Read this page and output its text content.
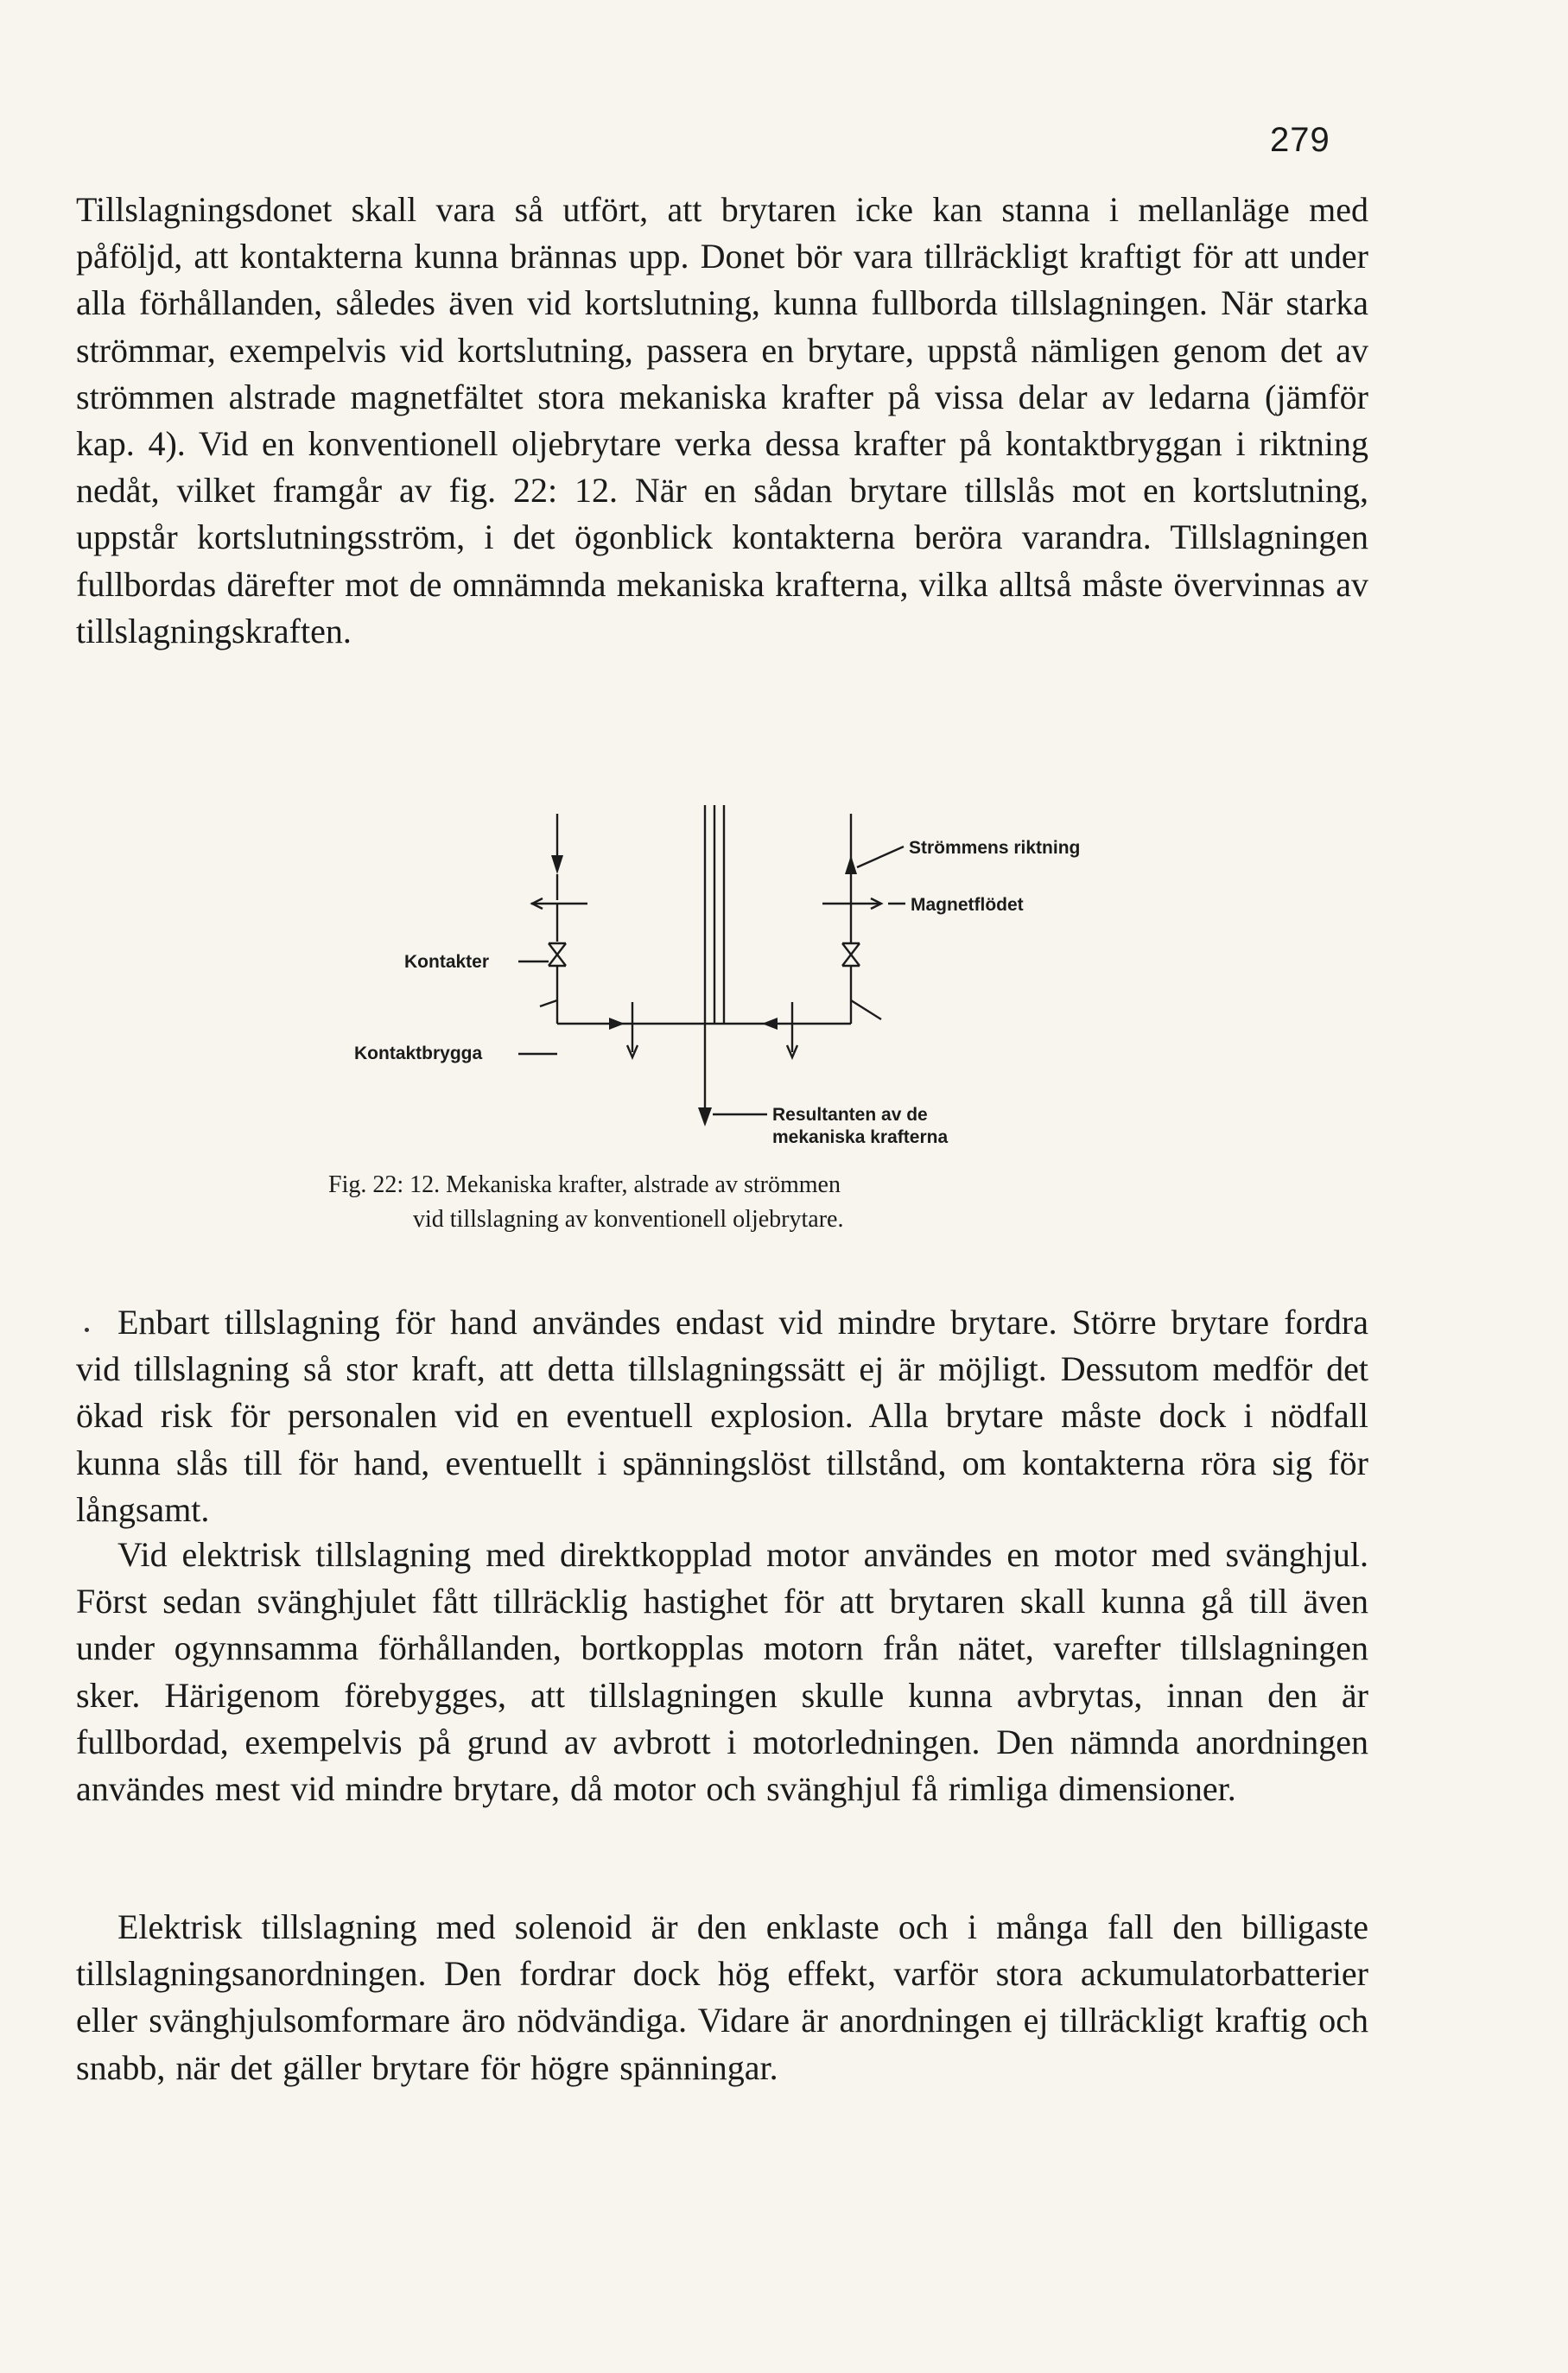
279

Tillslagningsdonet skall vara så utfört, att brytaren icke kan stanna i mellanläge med påföljd, att kontakterna kunna brännas upp. Donet bör vara tillräckligt kraftigt för att under alla förhållanden, således även vid kortslutning, kunna fullborda tillslagningen. När starka strömmar, exempelvis vid kortslutning, passera en brytare, uppstå nämligen genom det av strömmen alstrade magnetfältet stora mekaniska krafter på vissa delar av ledarna (jämför kap. 4). Vid en konventionell oljebrytare verka dessa krafter på kontaktbryggan i riktning nedåt, vilket framgår av fig. 22: 12. När en sådan brytare tillslås mot en kortslutning, uppstår kortslutningsström, i det ögonblick kontakterna beröra varandra. Tillslagningen fullbordas därefter mot de omnämnda mekaniska krafterna, vilka alltså måste övervinnas av tillslagningskraften.

Strömmens riktning
Magnetflödet
Kontakter
Kontaktbrygga
Resultanten av de
mekaniska krafterna

Fig. 22: 12. Mekaniska krafter, alstrade av strömmen
vid tillslagning av konventionell oljebrytare.

Enbart tillslagning för hand användes endast vid mindre brytare. Större brytare fordra vid tillslagning så stor kraft, att detta tillslagningssätt ej är möjligt. Dessutom medför det ökad risk för personalen vid en eventuell explosion. Alla brytare måste dock i nödfall kunna slås till för hand, eventuellt i spänningslöst tillstånd, om kontakterna röra sig för långsamt.

Vid elektrisk tillslagning med direktkopplad motor användes en motor med svänghjul. Först sedan svänghjulet fått tillräcklig hastighet för att brytaren skall kunna gå till även under ogynnsamma förhållanden, bortkopplas motorn från nätet, varefter tillslagningen sker. Härigenom förebygges, att tillslagningen skulle kunna avbrytas, innan den är fullbordad, exempelvis på grund av avbrott i motorledningen. Den nämnda anordningen användes mest vid mindre brytare, då motor och svänghjul få rimliga dimensioner.

Elektrisk tillslagning med solenoid är den enklaste och i många fall den billigaste tillslagningsanordningen. Den fordrar dock hög effekt, varför stora ackumulatorbatterier eller svänghjulsomformare äro nödvändiga. Vidare är anordningen ej tillräckligt kraftig och snabb, när det gäller brytare för högre spänningar.
